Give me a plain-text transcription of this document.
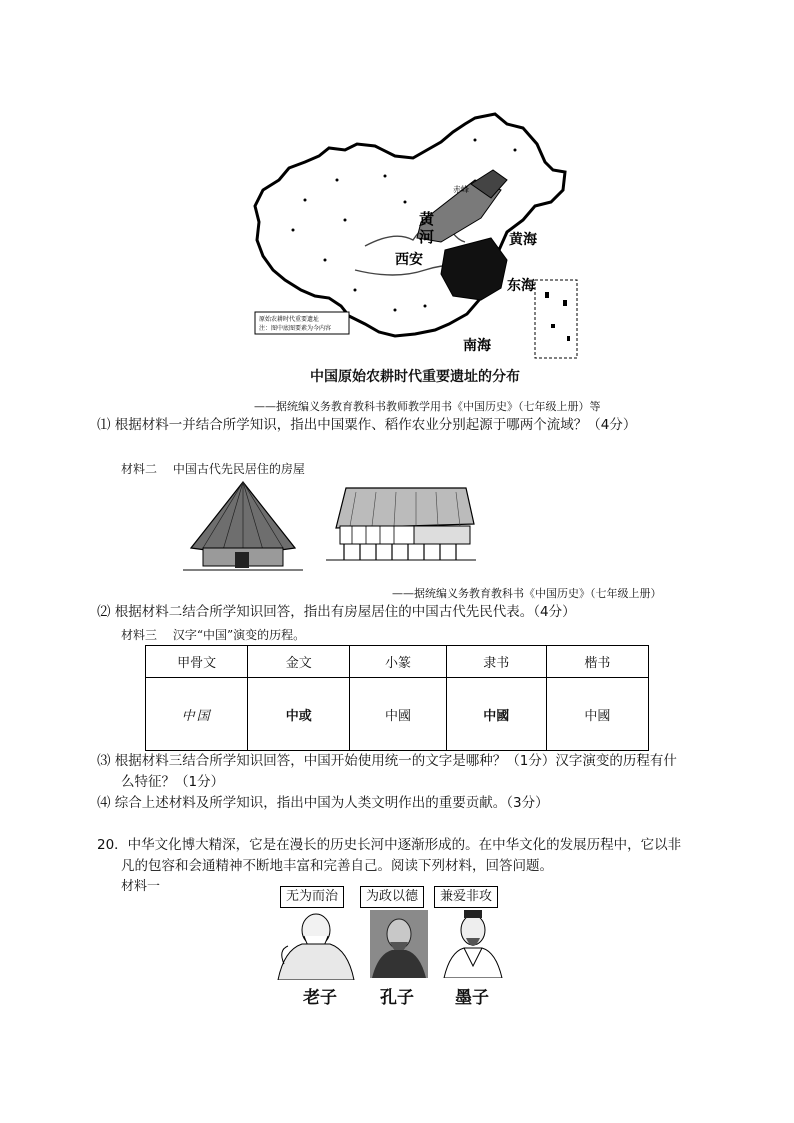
原始农耕时代重要遗址
注：图中底图要素为今内容
赤峰
黄
河
西安
黄海
东海
南海
中国原始农耕时代重要遗址的分布
——据统编义务教育教科书教师教学用书《中国历史》（七年级上册）等
⑴ 根据材料一并结合所学知识，指出中国粟作、稻作农业分别起源于哪两个流域？（4分）
材料二　 中国古代先民居住的房屋
——据统编义务教育教科书《中国历史》（七年级上册）
⑵ 根据材料二结合所学知识回答，指出有房屋居住的中国古代先民代表。（4分）
材料三　 汉字“中国”演变的历程。
甲骨文	金文	小篆	隶书	楷书
中国	中或	中國	中國	中國
⑶ 根据材料三结合所学知识回答，中国开始使用统一的文字是哪种？（1分）汉字演变的历程有什
么特征？（1分）
⑷ 综合上述材料及所学知识，指出中国为人类文明作出的重要贡献。（3分）
20．中华文化博大精深，它是在漫长的历史长河中逐渐形成的。在中华文化的发展历程中，它以非
凡的包容和会通精神不断地丰富和完善自己。阅读下列材料，回答问题。
材料一
无为而治	为政以德	兼爱非攻
老子	孔子 墨子
